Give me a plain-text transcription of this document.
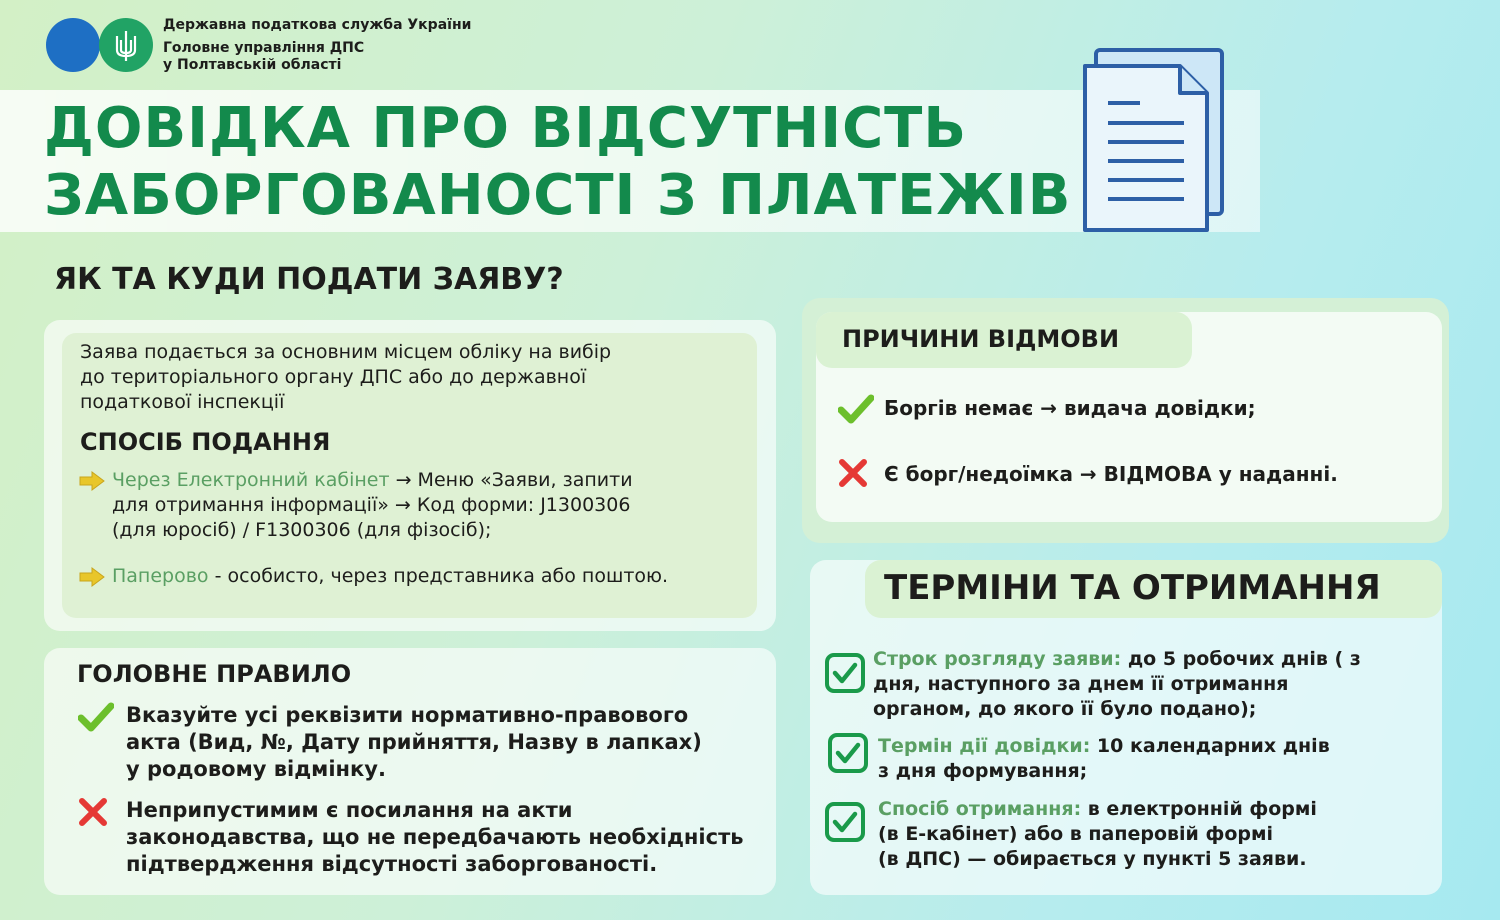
Державна податкова служба України
Головне управління ДПС
у Полтавській області
ДОВІДКА ПРО ВІДСУТНІСТЬ
ЗАБОРГОВАНОСТІ З ПЛАТЕЖІВ
ЯК ТА КУДИ ПОДАТИ ЗАЯВУ?
Заява подається за основним місцем обліку на вибір
до територіального органу ДПС або до державної
податкової інспекції
СПОСІБ ПОДАННЯ
Через Електронний кабінет → Меню «Заяви, запити
для отримання інформації» → Код форми: J1300306
(для юросіб) / F1300306 (для фізосіб);
Паперово - особисто, через представника або поштою.
ГОЛОВНЕ ПРАВИЛО
Вказуйте усі реквізити нормативно-правового
акта (Вид, №, Дату прийняття, Назву в лапках)
у родовому відмінку.
Неприпустимим є посилання на акти
законодавства, що не передбачають необхідність
підтвердження відсутності заборгованості.
ПРИЧИНИ ВІДМОВИ
Боргів немає → видача довідки;
Є борг/недоїмка → ВІДМОВА у наданні.
ТЕРМІНИ ТА ОТРИМАННЯ
Строк розгляду заяви: до 5 робочих днів ( з
дня, наступного за днем її отримання
органом, до якого її було подано);
Термін дії довідки: 10 календарних днів
з дня формування;
Спосіб отримання: в електронній формі
(в Е-кабінет) або в паперовій формі
(в ДПС) — обирається у пункті 5 заяви.
